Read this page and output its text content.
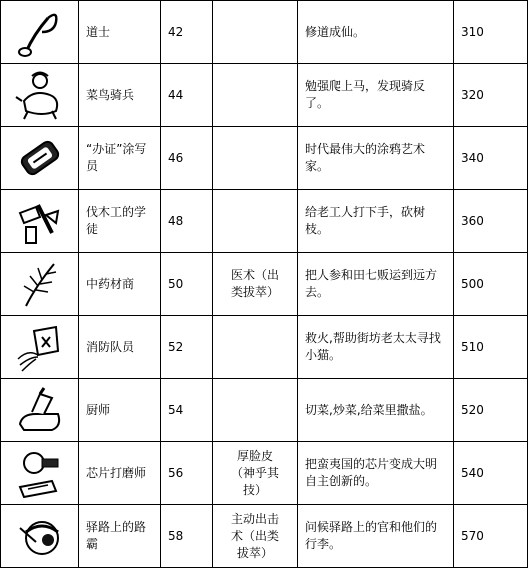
	道士	42		修道成仙。	310

	菜鸟骑兵	44		勉强爬上马，发现骑反了。	320

	“办证”涂写员	46		时代最伟大的涂鸦艺术家。	340

	伐木工的学徒	48		给老工人打下手，砍树枝。	360

	中药材商	50	医术（出类拔萃）	把人参和田七贩运到远方去。	500

	消防队员	52		救火,帮助街坊老太太寻找小猫。	510

	厨师	54		切菜,炒菜,给菜里撒盐。	520

	芯片打磨师	56	厚脸皮（神乎其技）	把蛮夷国的芯片变成大明自主创新的。	540

	驿路上的路霸	58	主动出击术（出类拔萃）	问候驿路上的官和他们的行李。	570
